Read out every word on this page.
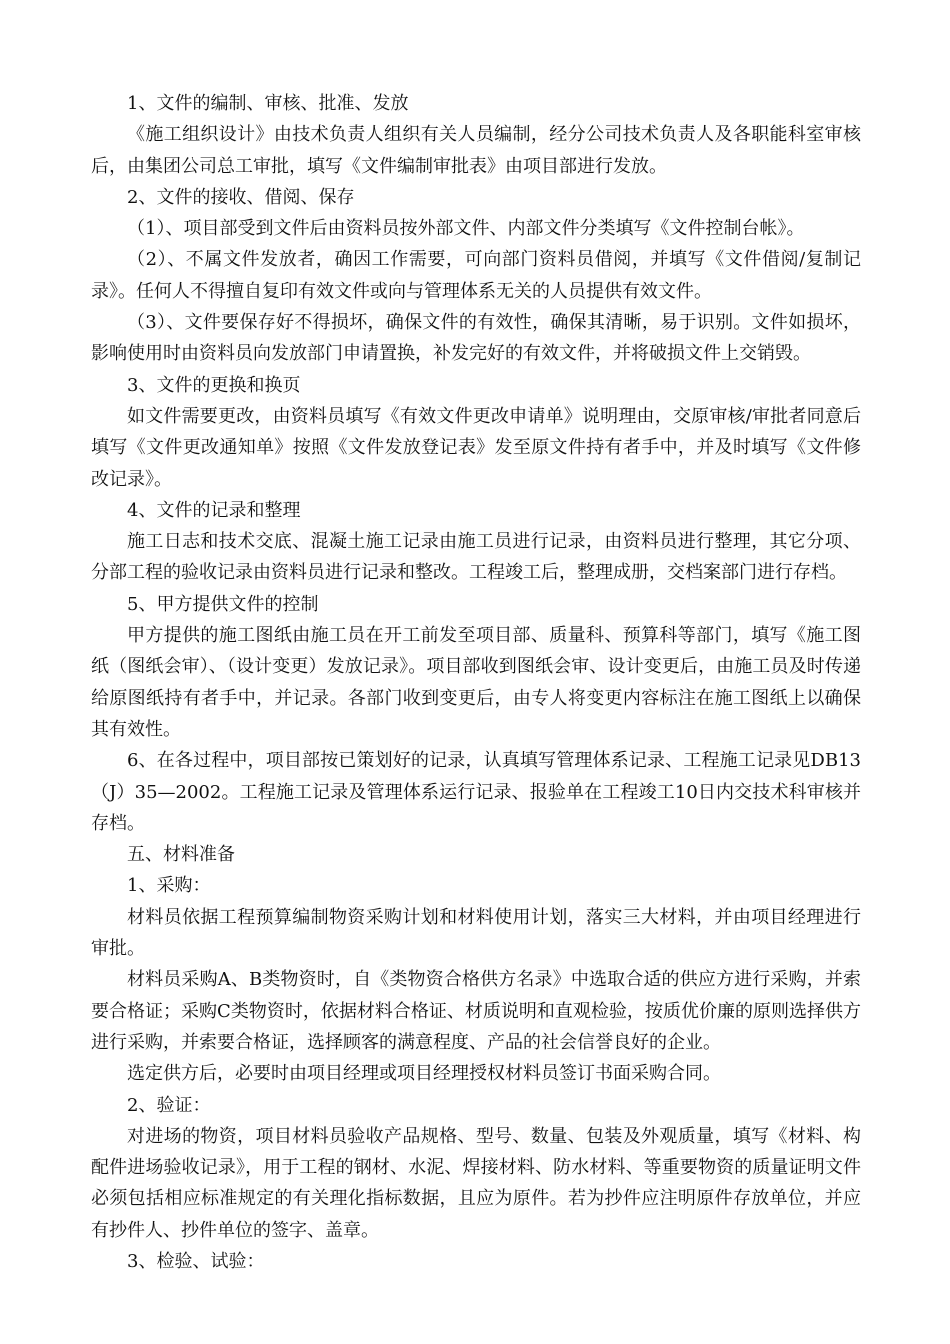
1、文件的编制、审核、批准、发放

《施工组织设计》由技术负责人组织有关人员编制，经分公司技术负责人及各职能科室审核后，由集团公司总工审批，填写《文件编制审批表》由项目部进行发放。

2、文件的接收、借阅、保存

（1）、项目部受到文件后由资料员按外部文件、内部文件分类填写《文件控制台帐》。

（2）、不属文件发放者，确因工作需要，可向部门资料员借阅，并填写《文件借阅/复制记录》。任何人不得擅自复印有效文件或向与管理体系无关的人员提供有效文件。

（3）、文件要保存好不得损坏，确保文件的有效性，确保其清晰，易于识别。文件如损坏，影响使用时由资料员向发放部门申请置换，补发完好的有效文件，并将破损文件上交销毁。

3、文件的更换和换页

如文件需要更改，由资料员填写《有效文件更改申请单》说明理由，交原审核/审批者同意后填写《文件更改通知单》按照《文件发放登记表》发至原文件持有者手中，并及时填写《文件修改记录》。

4、文件的记录和整理

施工日志和技术交底、混凝土施工记录由施工员进行记录，由资料员进行整理，其它分项、分部工程的验收记录由资料员进行记录和整改。工程竣工后，整理成册，交档案部门进行存档。

5、甲方提供文件的控制

甲方提供的施工图纸由施工员在开工前发至项目部、质量科、预算科等部门，填写《施工图纸（图纸会审）、（设计变更）发放记录》。项目部收到图纸会审、设计变更后，由施工员及时传递给原图纸持有者手中，并记录。各部门收到变更后，由专人将变更内容标注在施工图纸上以确保其有效性。

6、在各过程中，项目部按已策划好的记录，认真填写管理体系记录、工程施工记录见DB13（J）35—2002。工程施工记录及管理体系运行记录、报验单在工程竣工10日内交技术科审核并存档。

五、材料准备

1、采购：

材料员依据工程预算编制物资采购计划和材料使用计划，落实三大材料，并由项目经理进行审批。

材料员采购A、B类物资时，自《类物资合格供方名录》中选取合适的供应方进行采购，并索要合格证；采购C类物资时，依据材料合格证、材质说明和直观检验，按质优价廉的原则选择供方进行采购，并索要合格证，选择顾客的满意程度、产品的社会信誉良好的企业。

选定供方后，必要时由项目经理或项目经理授权材料员签订书面采购合同。

2、验证：

对进场的物资，项目材料员验收产品规格、型号、数量、包装及外观质量，填写《材料、构配件进场验收记录》，用于工程的钢材、水泥、焊接材料、防水材料、等重要物资的质量证明文件必须包括相应标准规定的有关理化指标数据，且应为原件。若为抄件应注明原件存放单位，并应有抄件人、抄件单位的签字、盖章。

3、检验、试验：
